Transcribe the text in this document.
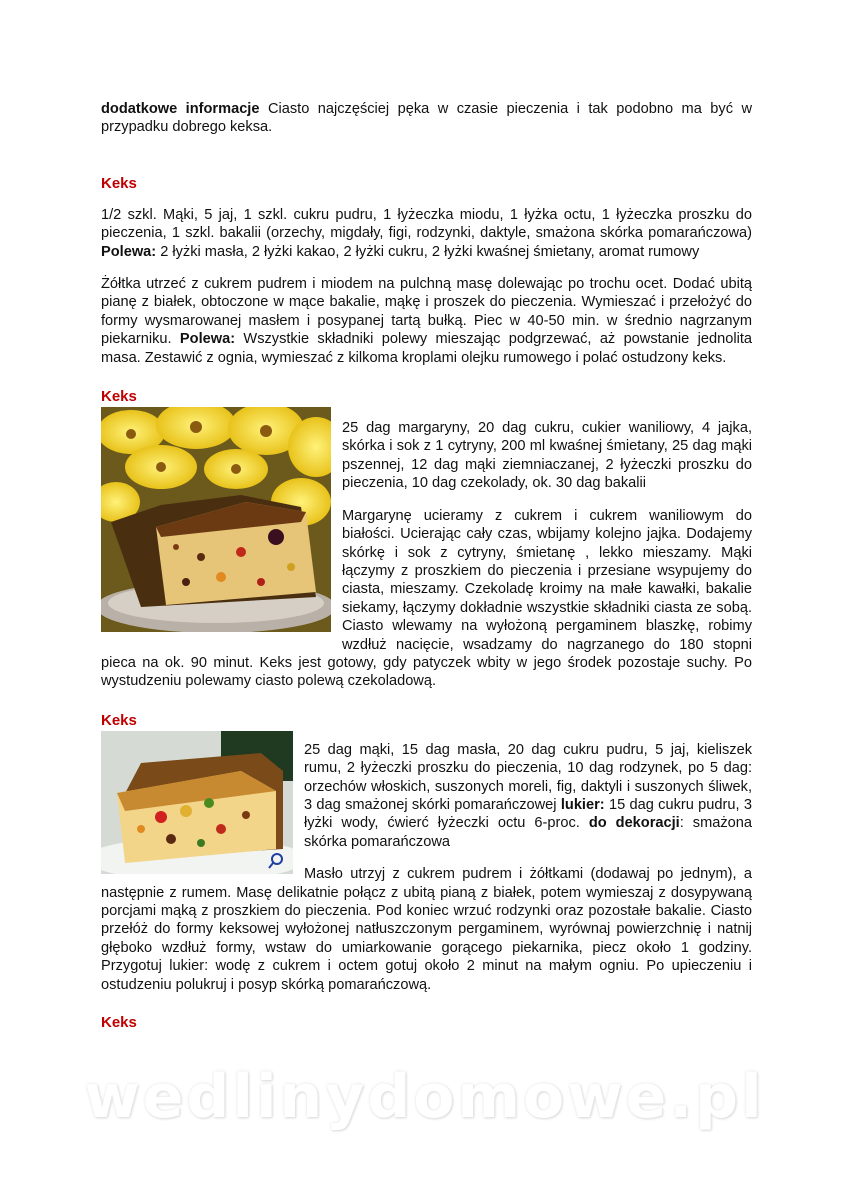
dodatkowe informacje Ciasto najczęściej pęka w czasie pieczenia i tak podobno ma być w przypadku dobrego keksa.

Keks

1/2 szkl. Mąki, 5 jaj, 1 szkl. cukru pudru, 1 łyżeczka miodu, 1 łyżka octu, 1 łyżeczka proszku do pieczenia, 1 szkl. bakalii (orzechy, migdały, figi, rodzynki, daktyle, smażona skórka pomarańczowa) Polewa: 2 łyżki masła, 2 łyżki kakao, 2 łyżki cukru, 2 łyżki kwaśnej śmietany, aromat rumowy

Żółtka utrzeć z cukrem pudrem i miodem na pulchną masę dolewając po trochu ocet. Dodać ubitą pianę z białek, obtoczone w mące bakalie, mąkę i proszek do pieczenia. Wymieszać i przełożyć do formy wysmarowanej masłem i posypanej tartą bułką. Piec w 40-50 min. w średnio nagrzanym piekarniku. Polewa: Wszystkie składniki polewy mieszając podgrzewać, aż powstanie jednolita masa. Zestawić z ognia, wymieszać z kilkoma kroplami olejku rumowego i polać ostudzony keks.

Keks

25 dag margaryny, 20 dag cukru, cukier waniliowy, 4 jajka, skórka i sok z 1 cytryny, 200 ml kwaśnej śmietany, 25 dag mąki pszennej, 12 dag mąki ziemniaczanej, 2 łyżeczki proszku do pieczenia, 10 dag czekolady, ok. 30 dag bakalii

Margarynę ucieramy z cukrem i cukrem waniliowym do białości. Ucierając cały czas, wbijamy kolejno jajka. Dodajemy skórkę i sok z cytryny, śmietanę , lekko mieszamy. Mąki łączymy z proszkiem do pieczenia i przesiane wsypujemy do ciasta, mieszamy. Czekoladę kroimy na małe kawałki, bakalie siekamy, łączymy dokładnie wszystkie składniki ciasta ze sobą. Ciasto wlewamy na wyłożoną pergaminem blaszkę, robimy wzdłuż nacięcie, wsadzamy do nagrzanego do 180 stopni pieca na ok. 90 minut. Keks jest gotowy, gdy patyczek wbity w jego środek pozostaje suchy. Po wystudzeniu polewamy ciasto polewą czekoladową.

Keks

25 dag mąki, 15 dag masła, 20 dag cukru pudru, 5 jaj, kieliszek rumu, 2 łyżeczki proszku do pieczenia, 10 dag rodzynek, po 5 dag: orzechów włoskich, suszonych moreli, fig, daktyli i suszonych śliwek, 3 dag smażonej skórki pomarańczowej lukier: 15 dag cukru pudru, 3 łyżki wody, ćwierć łyżeczki octu 6-proc. do dekoracji: smażona skórka pomarańczowa

Masło utrzyj z cukrem pudrem i żółtkami (dodawaj po jednym), a następnie z rumem. Masę delikatnie połącz z ubitą pianą z białek, potem wymieszaj z dosypywaną porcjami mąką z proszkiem do pieczenia. Pod koniec wrzuć rodzynki oraz pozostałe bakalie. Ciasto przełóż do formy keksowej wyłożonej natłuszczonym pergaminem, wyrównaj powierzchnię i natnij głęboko wzdłuż formy, wstaw do umiarkowanie gorącego piekarnika, piecz około 1 godziny. Przygotuj lukier: wodę z cukrem i octem gotuj około 2 minut na małym ogniu. Po upieczeniu i ostudzeniu polukruj i posyp skórką pomarańczową.

Keks
wedlinydomowe.pl
